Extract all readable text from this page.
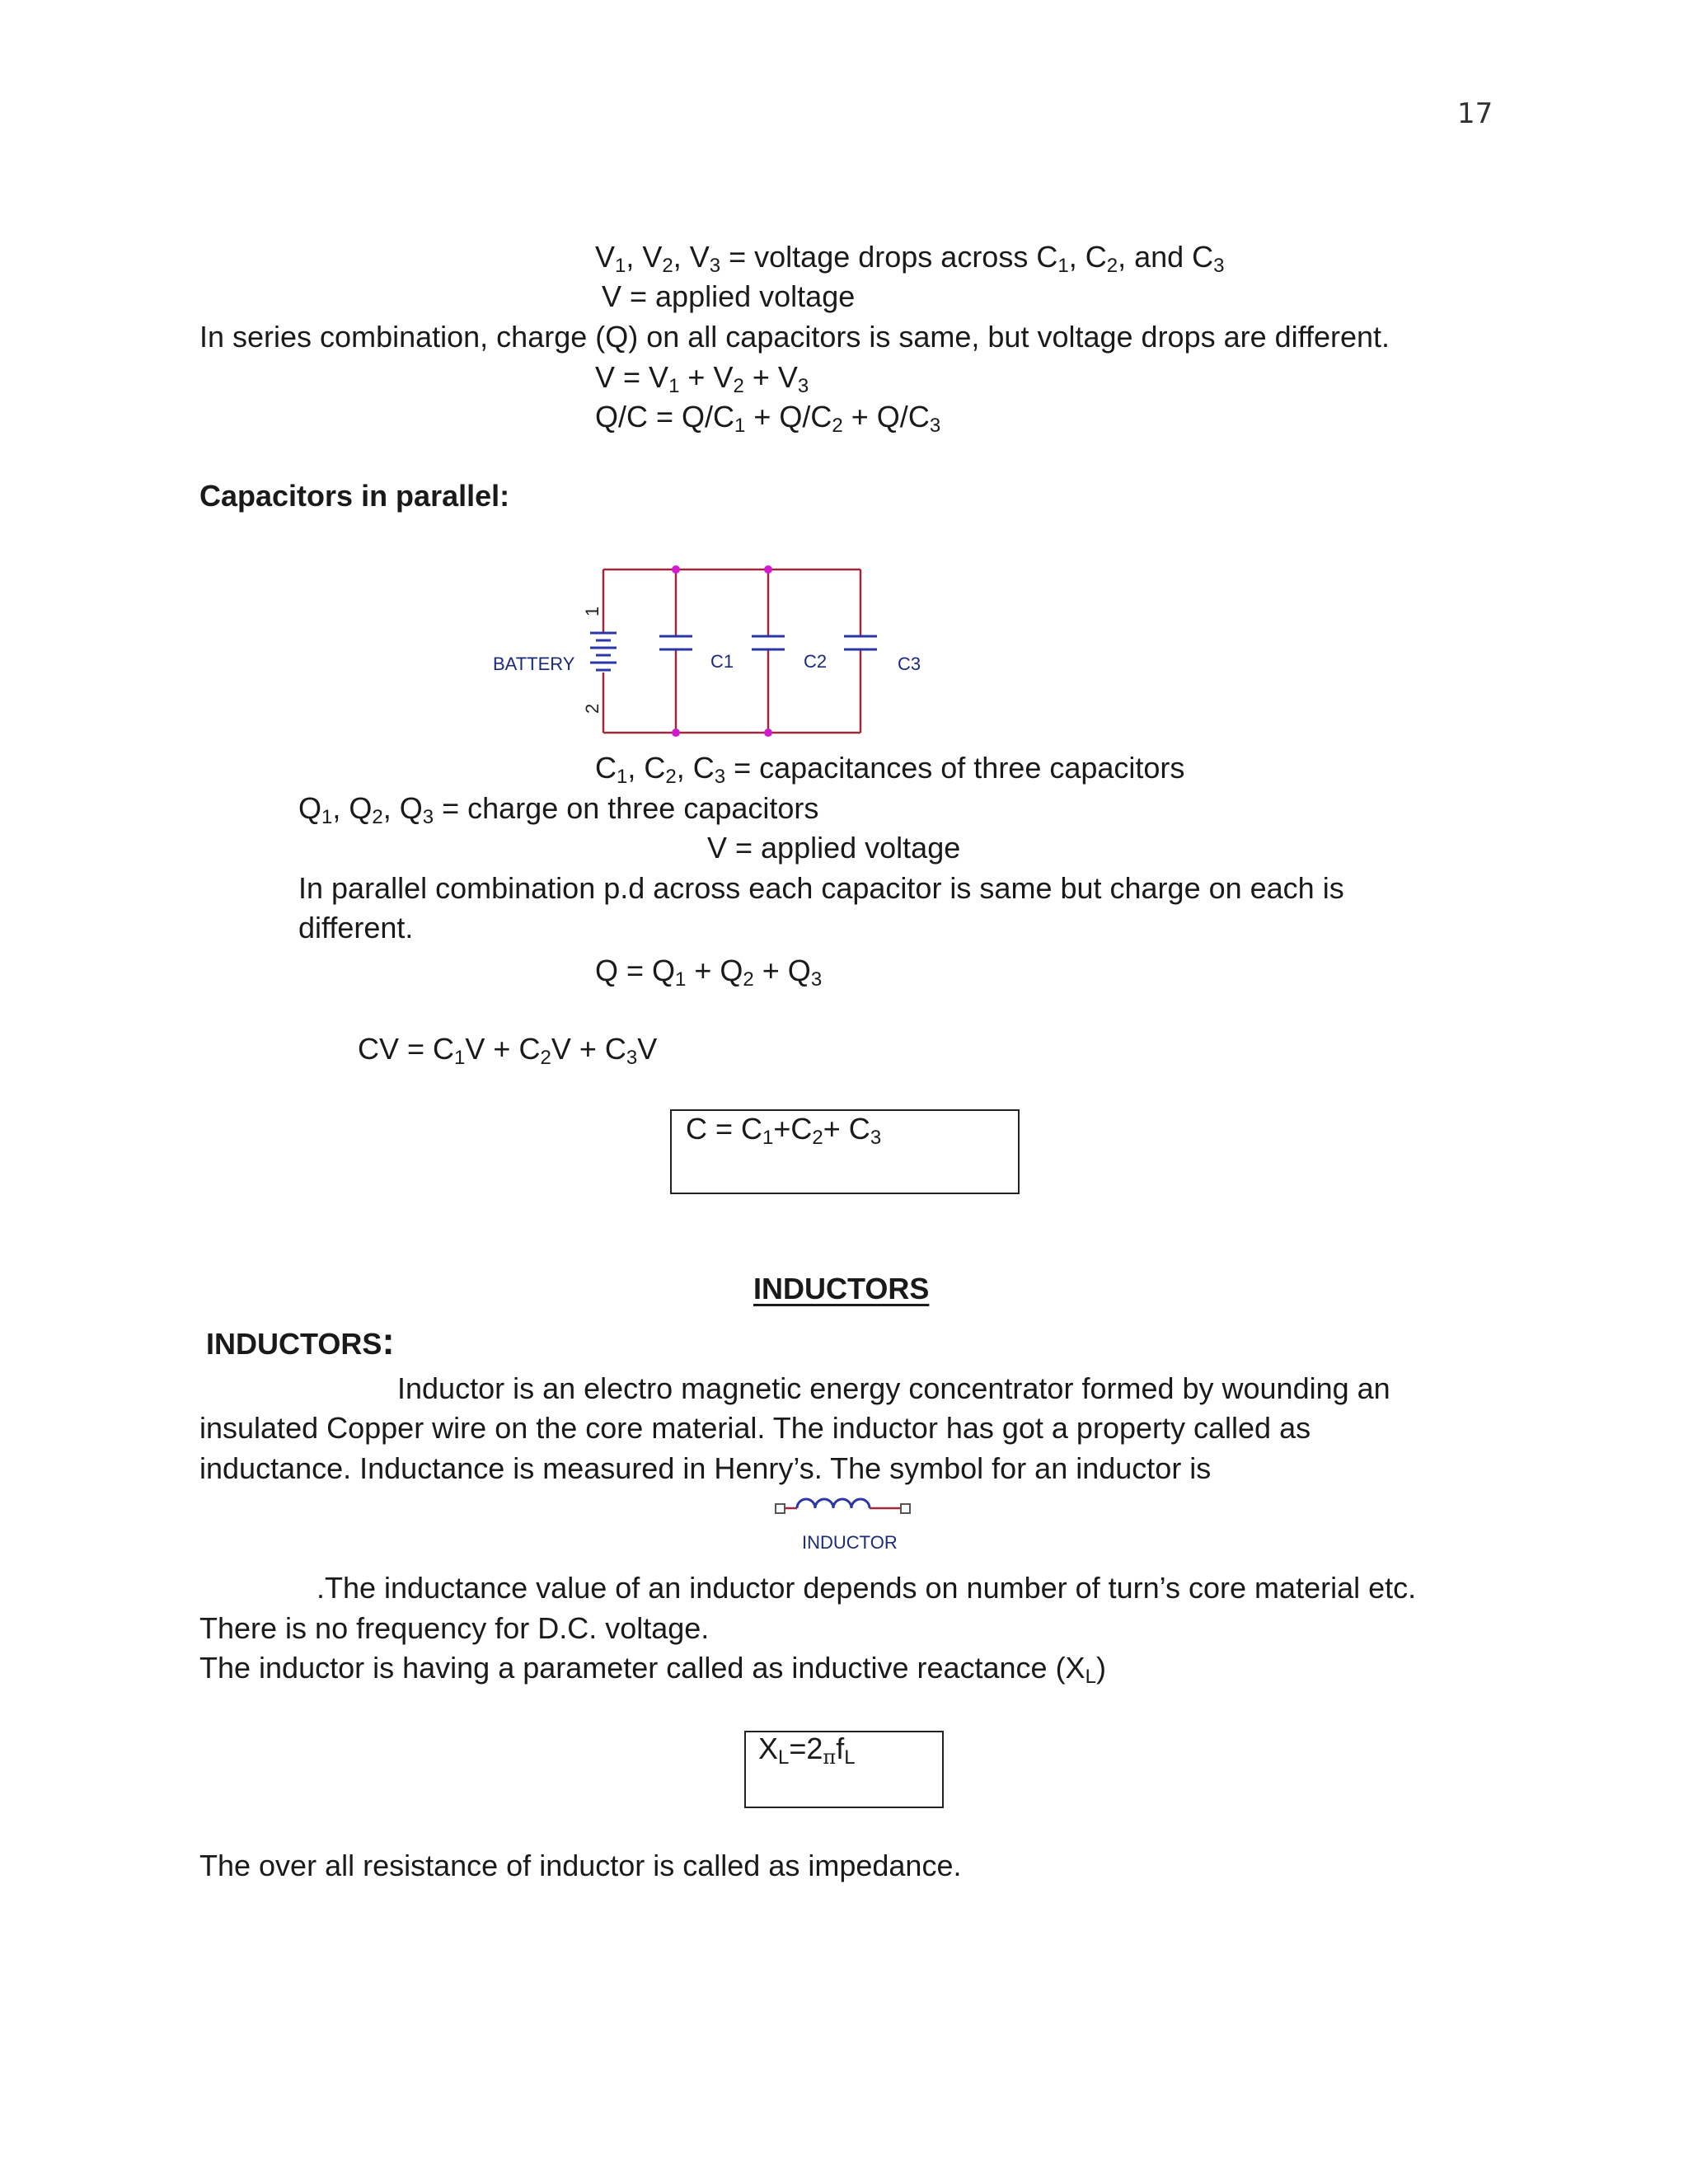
17
$V_1$, $V_2$, $V_3$ = voltage drops across $C_1$, $C_2$, and $C_3$
V = applied voltage
In series combination, charge (Q) on all capacitors is same, but voltage drops are different.
$V = V_1 + V_2 + V_3$
$Q/C = Q/C_1 + Q/C_2 + Q/C_3$
Capacitors in parallel:
BATTERY
1
2
C1	C2	C3
$C_1$, $C_2$, $C_3$ = capacitances of three capacitors
$Q_1$, $Q_2$, $Q_3$ = charge on three capacitors
V = applied voltage
In parallel combination p.d across each capacitor is same but charge on each is
different.
$Q = Q_1 + Q_2 + Q_3$
CV = $C_1V + C_2V + C_3V$
$C = C_1+C_2+ C_3$
INDUCTORS
INDUCTORS:
Inductor is an electro magnetic energy concentrator formed by wounding an
insulated Copper wire on the core material. The inductor has got a property called as
inductance. Inductance is measured in Henry’s. The symbol for an inductor is
INDUCTOR
.The inductance value of an inductor depends on number of turn’s core material etc.
There is no frequency for D.C. voltage.
The inductor is having a parameter called as inductive reactance $(X_L)$
$X_L=2_\pi f_L$
The over all resistance of inductor is called as impedance.
